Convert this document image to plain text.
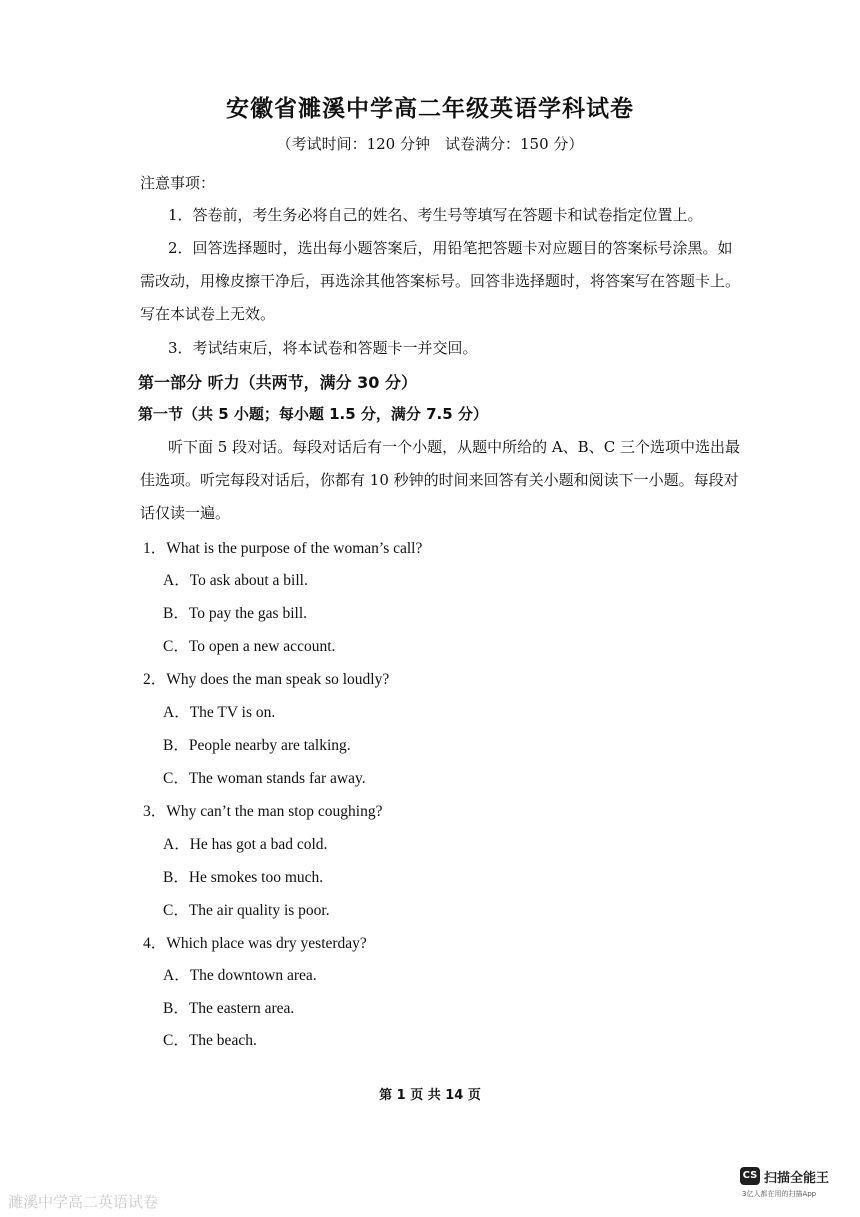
安徽省濉溪中学高二年级英语学科试卷
（考试时间：120 分钟　试卷满分：150 分）
注意事项：
1．答卷前，考生务必将自己的姓名、考生号等填写在答题卡和试卷指定位置上。
2．回答选择题时，选出每小题答案后，用铅笔把答题卡对应题目的答案标号涂黑。如
需改动，用橡皮擦干净后，再选涂其他答案标号。回答非选择题时，将答案写在答题卡上。
写在本试卷上无效。
3．考试结束后，将本试卷和答题卡一并交回。
第一部分 听力（共两节，满分 30 分）
第一节（共 5 小题；每小题 1.5 分，满分 7.5 分）
听下面 5 段对话。每段对话后有一个小题，从题中所给的 A、B、C 三个选项中选出最
佳选项。听完每段对话后，你都有 10 秒钟的时间来回答有关小题和阅读下一小题。每段对
话仅读一遍。
1．What is the purpose of the woman’s call?
A．To ask about a bill.
B．To pay the gas bill.
C．To open a new account.
2．Why does the man speak so loudly?
A．The TV is on.
B．People nearby are talking.
C．The woman stands far away.
3．Why can’t the man stop coughing?
A．He has got a bad cold.
B．He smokes too much.
C．The air quality is poor.
4．Which place was dry yesterday?
A．The downtown area.
B．The eastern area.
C．The beach.
第 1 页 共 14 页
濉溪中学高二英语试卷
CS 扫描全能王
3亿人都在用的扫描App
